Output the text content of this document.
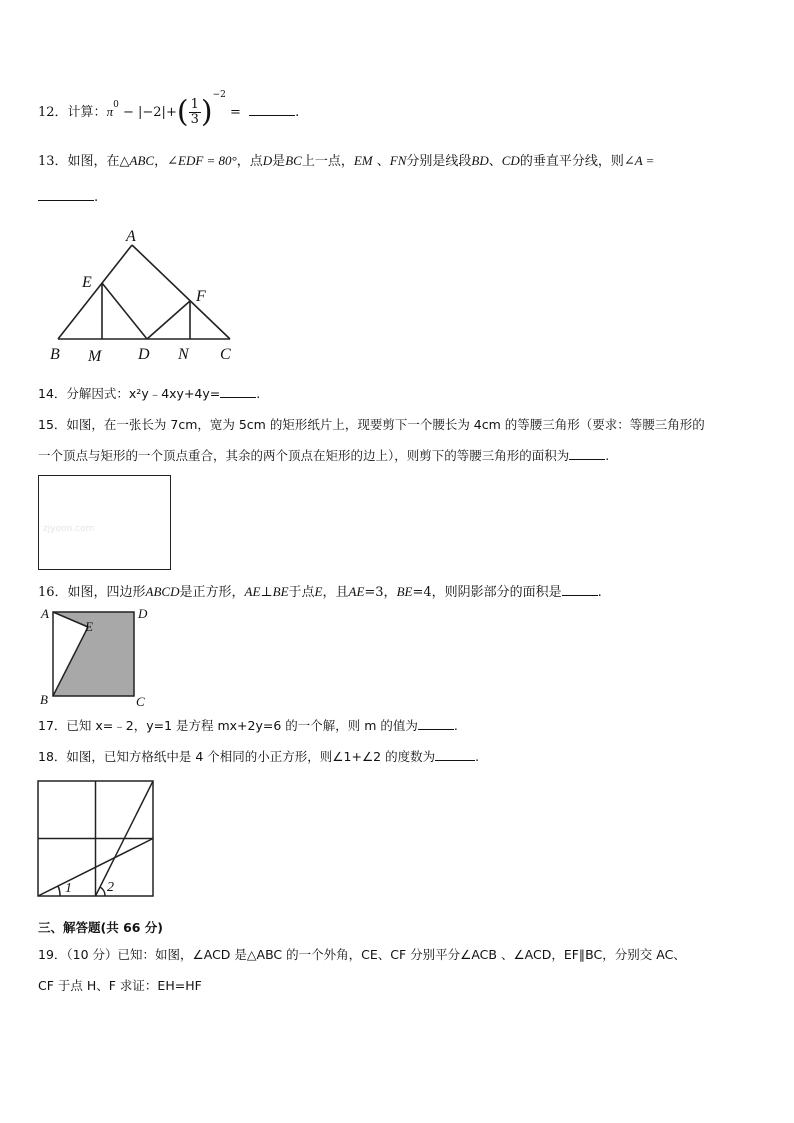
12．计算：$\pi^0 - |-2|+( \frac{1}{3} )^{-2}$ =	.
13．如图，在△ABC，∠EDF = 80°，点D是BC上一点，EM 、FN分别是线段BD、CD的垂直平分线，则∠A =
.
A
E
F
B M D N C
14．分解因式：x²y﹣4xy+4y=	.
15．如图，在一张长为 7cm，宽为 5cm 的矩形纸片上，现要剪下一个腰长为 4cm 的等腰三角形（要求：等腰三角形的
一个顶点与矩形的一个顶点重合，其余的两个顶点在矩形的边上），则剪下的等腰三角形的面积为	.
zjyoon.com
16．如图，四边形ABCD是正方形，AE⊥BE于点E，且AE=3，BE=4，则阴影部分的面积是	.
A	D
E
B	C
17．已知 x=﹣2，y=1 是方程 mx+2y=6 的一个解，则 m 的值为	.
18．如图，已知方格纸中是 4 个相同的小正方形，则∠1+∠2 的度数为	.
1	2
三、解答题(共 66 分)
19．（10 分）已知：如图，∠ACD 是△ABC 的一个外角，CE、CF 分别平分∠ACB 、∠ACD，EF∥BC，分别交 AC、
CF 于点 H、F 求证：EH=HF
